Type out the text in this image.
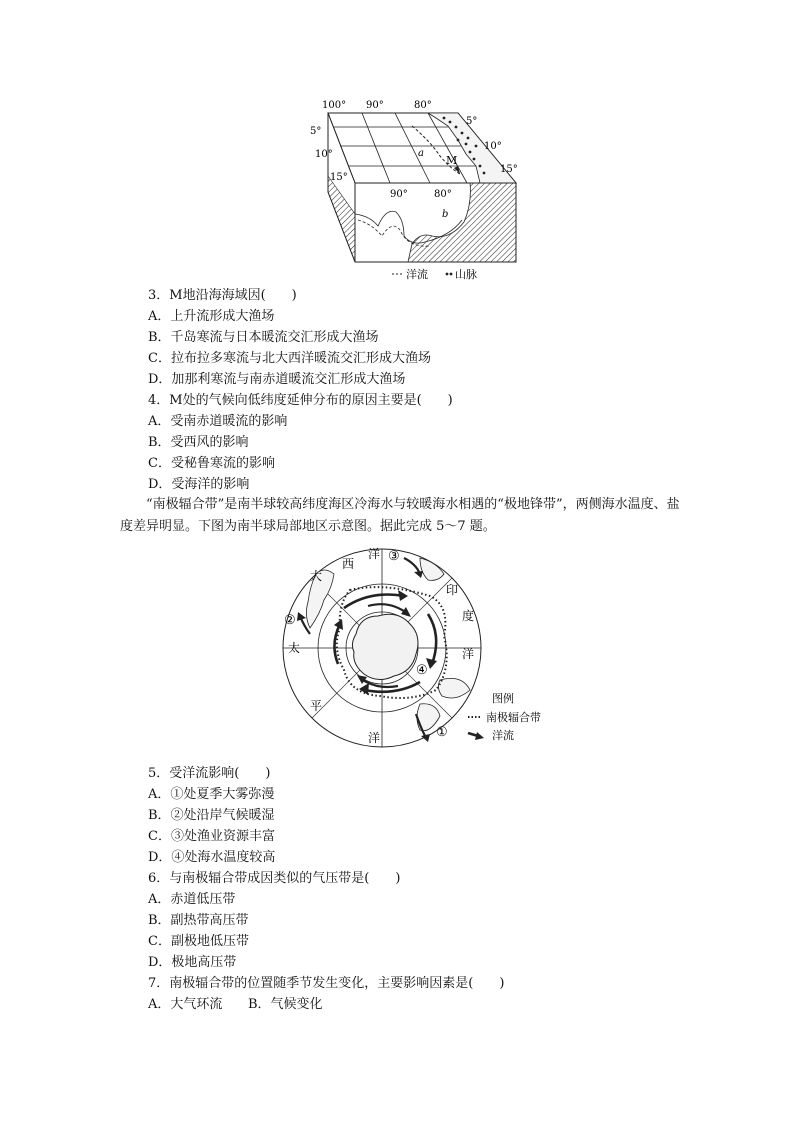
100° 90°	80°
5°
10°
15°
5°
10°
15°
90°	80°
M
a
b
洋流 山脉
3．M地沿海海域因(　　)
A．上升流形成大渔场
B．千岛寒流与日本暖流交汇形成大渔场
C．拉布拉多寒流与北大西洋暖流交汇形成大渔场
D．加那利寒流与南赤道暖流交汇形成大渔场
4．M处的气候向低纬度延伸分布的原因主要是(　　)
A．受南赤道暖流的影响
B．受西风的影响
C．受秘鲁寒流的影响
D．受海洋的影响
“南极辐合带”是南半球较高纬度海区冷海水与较暖海水相遇的“极地锋带”，两侧海水温度、盐度差异明显。下图为南半球局部地区示意图。据此完成 5～7 题。
大
西
洋
印
度
洋
太
平
洋	①
②
③
④
图例
南极辐合带
洋流
5．受洋流影响(　　)
A．①处夏季大雾弥漫
B．②处沿岸气候暖湿
C．③处渔业资源丰富
D．④处海水温度较高
6．与南极辐合带成因类似的气压带是(　　)
A．赤道低压带
B．副热带高压带
C．副极地低压带
D．极地高压带
7．南极辐合带的位置随季节发生变化，主要影响因素是(　　)
A．大气环流 B．气候变化
